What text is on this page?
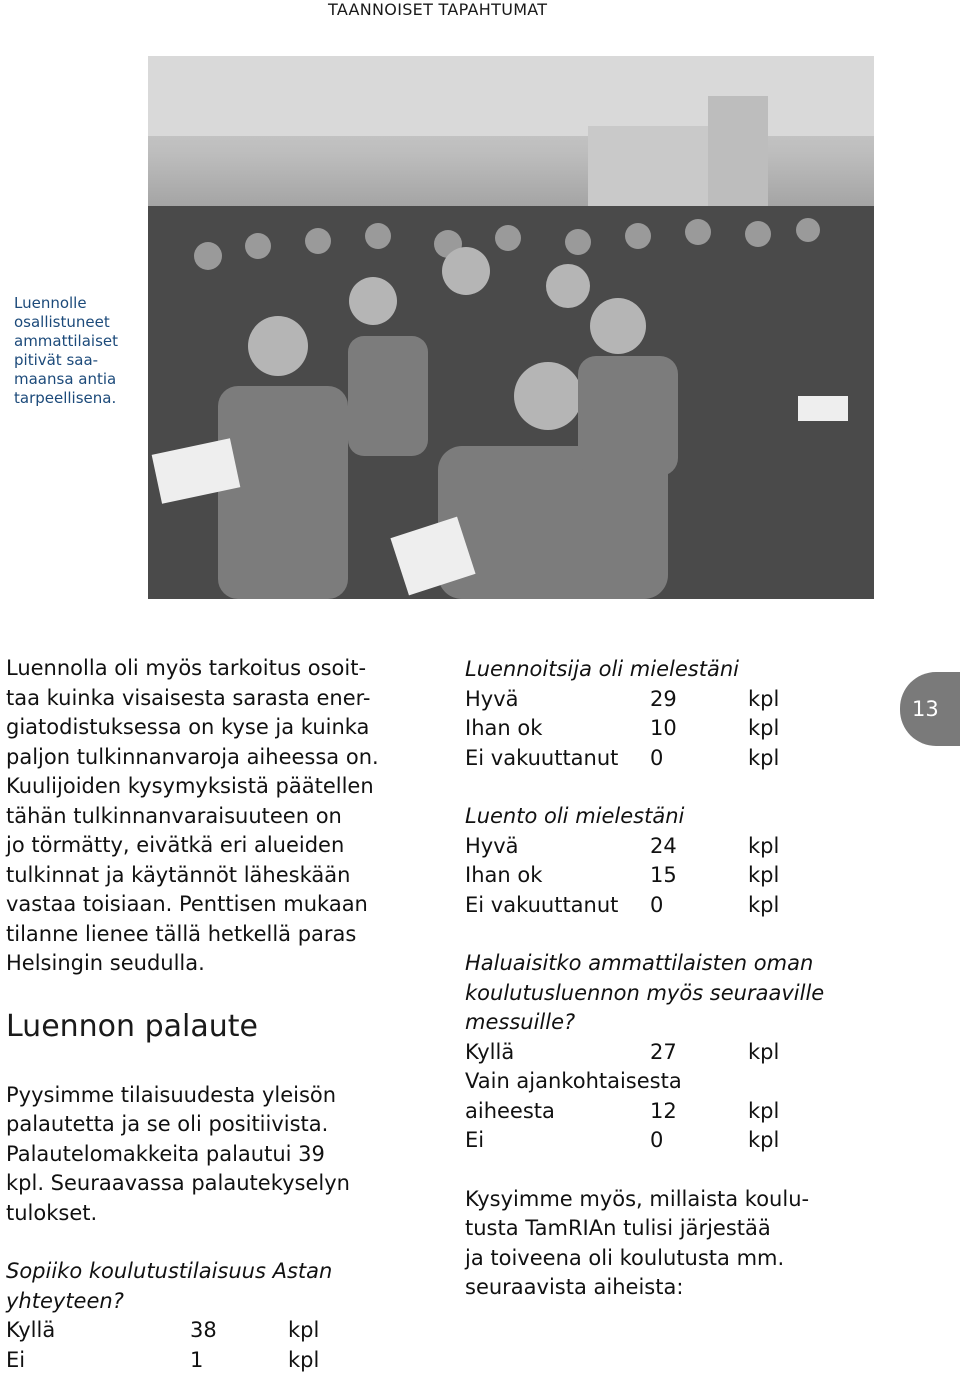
TAANNOISET TAPAHTUMAT
Luennolle
osallistuneet
ammattilaiset
pitivät saa-
maansa antia
tarpeellisena.
Luennolla oli myös tarkoitus osoit-
taa kuinka visaisesta sarasta ener-
giatodistuksessa on kyse ja kuinka
paljon tulkinnanvaroja aiheessa on.
Kuulijoiden kysymyksistä päätellen
tähän tulkinnanvaraisuuteen on
jo törmätty, eivätkä eri alueiden
tulkinnat ja käytännöt läheskään
vastaa toisiaan. Penttisen mukaan
tilanne lienee tällä hetkellä paras
Helsingin seudulla.
Luennon palaute
Pyysimme tilaisuudesta yleisön
palautetta ja se oli positiivista.
Palautelomakkeita palautui 39
kpl. Seuraavassa palautekyselyn
tulokset.
Sopiiko koulutustilaisuus Astan
yhteyteen?
Kyllä	38	kpl
Ei	1	kpl
Luennoitsija oli mielestäni
Hyvä	29	kpl
Ihan ok	10	kpl
Ei vakuuttanut	0	kpl
Luento oli mielestäni
Hyvä	24	kpl
Ihan ok	15	kpl
Ei vakuuttanut	0	kpl
Haluaisitko ammattilaisten oman
koulutusluennon myös seuraaville
messuille?
Kyllä	27	kpl
Vain ajankohtaisesta
aiheesta	12	kpl
Ei	0	kpl
Kysyimme myös, millaista koulu-
tusta TamRIAn tulisi järjestää
ja toiveena oli koulutusta mm.
seuraavista aiheista:
13
